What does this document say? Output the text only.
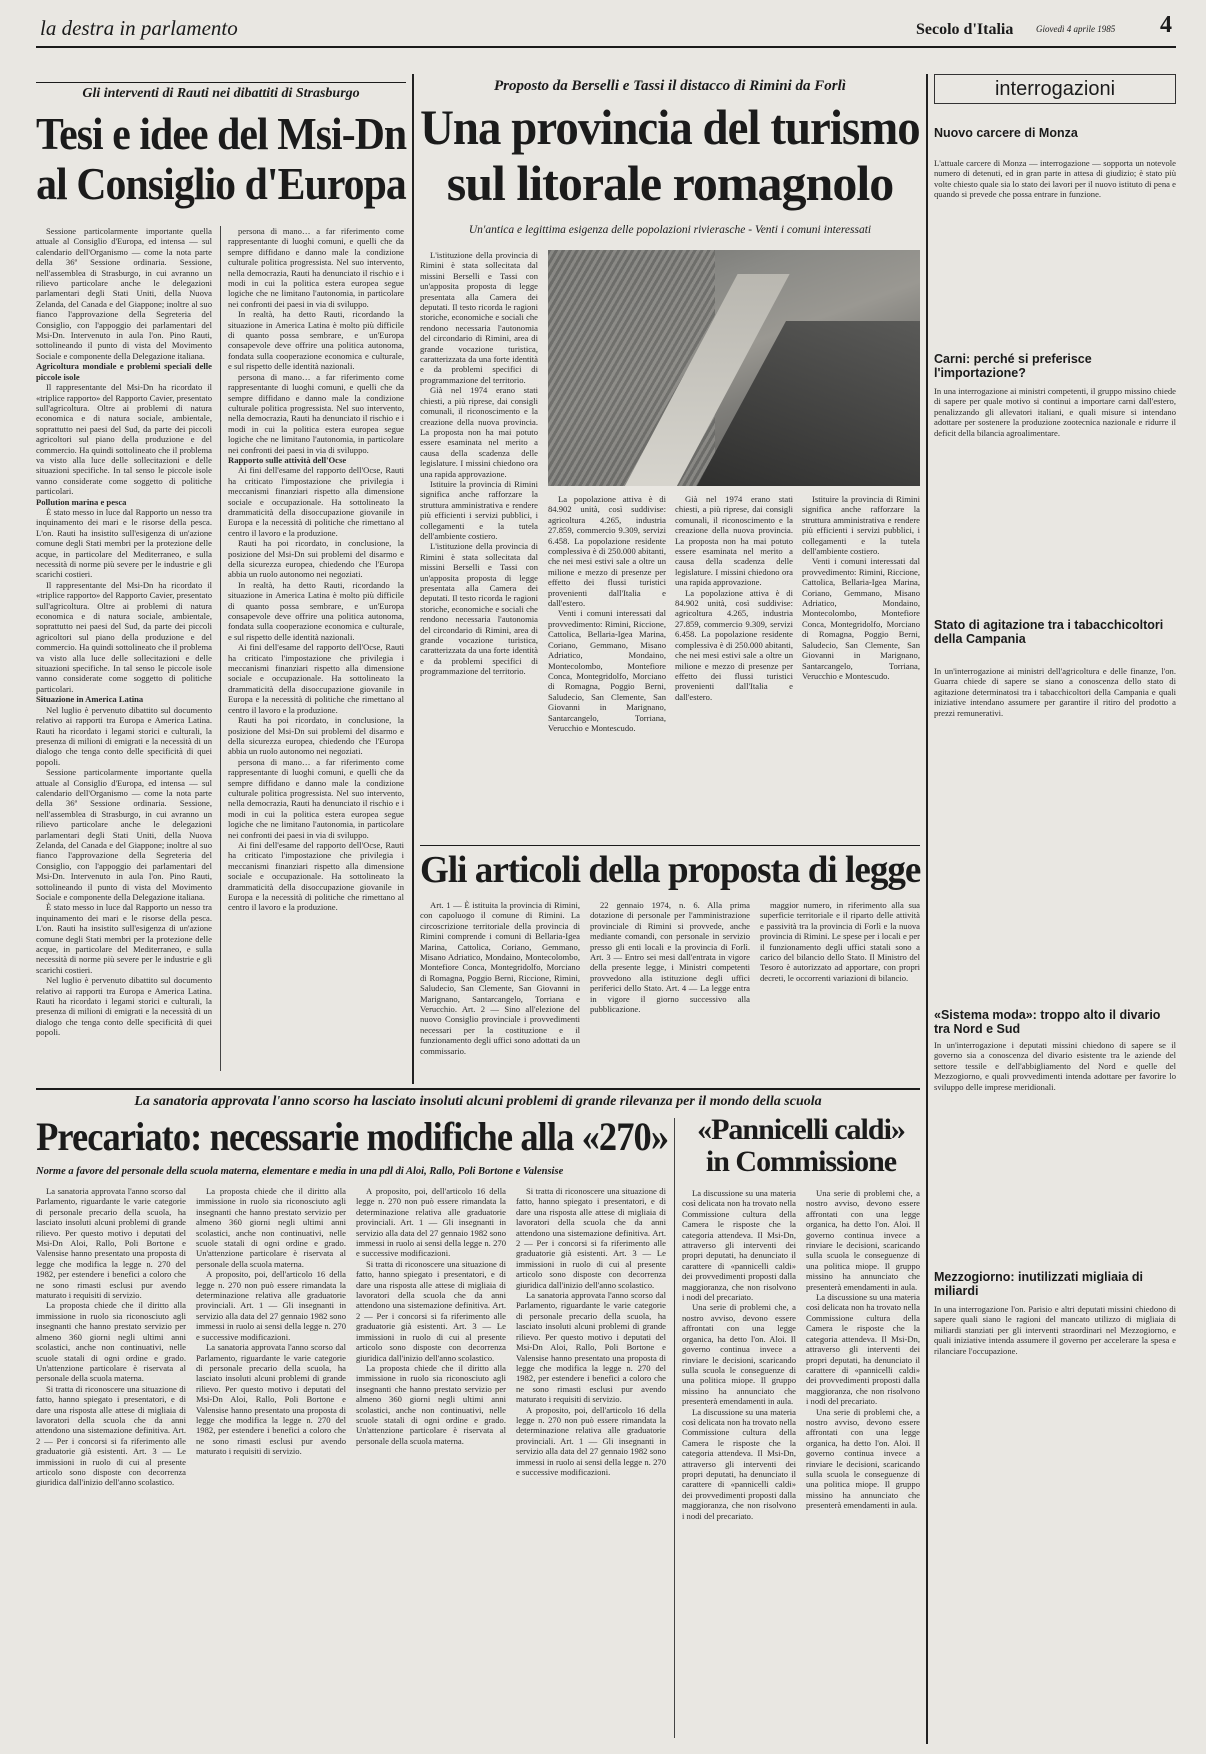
la destra in parlamento	Secolo d'Italia	Giovedì 4 aprile 1985 4
Gli interventi di Rauti nei dibattiti di Strasburgo
Tesi e idee del Msi-Dn
al Consiglio d'Europa

Sessione particolarmente importante quella attuale al Consiglio d'Europa, ed intensa — sul calendario dell'Organismo — come la nota parte della 36ª Sessione ordinaria. Sessione, nell'assemblea di Strasburgo, in cui avranno un rilievo particolare anche le delegazioni parlamentari degli Stati Uniti, della Nuova Zelanda, del Canada e del Giappone; inoltre al suo fianco l'approvazione della Segreteria del Consiglio, con l'appoggio dei parlamentari del Msi-Dn. Intervenuto in aula l'on. Pino Rauti, sottolineando il punto di vista del Movimento Sociale e componente della Delegazione italiana.

Agricoltura mondiale e problemi speciali delle piccole isole

Il rappresentante del Msi-Dn ha ricordato il «triplice rapporto» del Rapporto Cavier, presentato sull'agricoltura. Oltre ai problemi di natura economica e di natura sociale, ambientale, soprattutto nei paesi del Sud, da parte dei piccoli agricoltori sul piano della produzione e del commercio. Ha quindi sottolineato che il problema va visto alla luce delle sollecitazioni e delle situazioni specifiche. In tal senso le piccole isole vanno considerate come soggetto di politiche particolari.

Pollution marina e pesca

È stato messo in luce dal Rapporto un nesso tra inquinamento dei mari e le risorse della pesca. L'on. Rauti ha insistito sull'esigenza di un'azione comune degli Stati membri per la protezione delle acque, in particolare del Mediterraneo, e sulla necessità di norme più severe per le industrie e gli scarichi costieri.

Il rappresentante del Msi-Dn ha ricordato il «triplice rapporto» del Rapporto Cavier, presentato sull'agricoltura. Oltre ai problemi di natura economica e di natura sociale, ambientale, soprattutto nei paesi del Sud, da parte dei piccoli agricoltori sul piano della produzione e del commercio. Ha quindi sottolineato che il problema va visto alla luce delle sollecitazioni e delle situazioni specifiche. In tal senso le piccole isole vanno considerate come soggetto di politiche particolari.

Situazione in America Latina

Nel luglio è pervenuto dibattito sul documento relativo ai rapporti tra Europa e America Latina. Rauti ha ricordato i legami storici e culturali, la presenza di milioni di emigrati e la necessità di un dialogo che tenga conto delle specificità di quei popoli.

Sessione particolarmente importante quella attuale al Consiglio d'Europa, ed intensa — sul calendario dell'Organismo — come la nota parte della 36ª Sessione ordinaria. Sessione, nell'assemblea di Strasburgo, in cui avranno un rilievo particolare anche le delegazioni parlamentari degli Stati Uniti, della Nuova Zelanda, del Canada e del Giappone; inoltre al suo fianco l'approvazione della Segreteria del Consiglio, con l'appoggio dei parlamentari del Msi-Dn. Intervenuto in aula l'on. Pino Rauti, sottolineando il punto di vista del Movimento Sociale e componente della Delegazione italiana.

È stato messo in luce dal Rapporto un nesso tra inquinamento dei mari e le risorse della pesca. L'on. Rauti ha insistito sull'esigenza di un'azione comune degli Stati membri per la protezione delle acque, in particolare del Mediterraneo, e sulla necessità di norme più severe per le industrie e gli scarichi costieri.

Nel luglio è pervenuto dibattito sul documento relativo ai rapporti tra Europa e America Latina. Rauti ha ricordato i legami storici e culturali, la presenza di milioni di emigrati e la necessità di un dialogo che tenga conto delle specificità di quei popoli.

persona di mano… a far riferimento come rappresentante di luoghi comuni, e quelli che da sempre diffidano e danno male la condizione culturale politica progressista. Nel suo intervento, nella democrazia, Rauti ha denunciato il rischio e i modi in cui la politica estera europea segue logiche che ne limitano l'autonomia, in particolare nei confronti dei paesi in via di sviluppo.

In realtà, ha detto Rauti, ricordando la situazione in America Latina è molto più difficile di quanto possa sembrare, e un'Europa consapevole deve offrire una politica autonoma, fondata sulla cooperazione economica e culturale, e sul rispetto delle identità nazionali.

persona di mano… a far riferimento come rappresentante di luoghi comuni, e quelli che da sempre diffidano e danno male la condizione culturale politica progressista. Nel suo intervento, nella democrazia, Rauti ha denunciato il rischio e i modi in cui la politica estera europea segue logiche che ne limitano l'autonomia, in particolare nei confronti dei paesi in via di sviluppo.

Rapporto sulle attività dell'Ocse

Ai fini dell'esame del rapporto dell'Ocse, Rauti ha criticato l'impostazione che privilegia i meccanismi finanziari rispetto alla dimensione sociale e occupazionale. Ha sottolineato la drammaticità della disoccupazione giovanile in Europa e la necessità di politiche che rimettano al centro il lavoro e la produzione.

Rauti ha poi ricordato, in conclusione, la posizione del Msi-Dn sui problemi del disarmo e della sicurezza europea, chiedendo che l'Europa abbia un ruolo autonomo nei negoziati.

In realtà, ha detto Rauti, ricordando la situazione in America Latina è molto più difficile di quanto possa sembrare, e un'Europa consapevole deve offrire una politica autonoma, fondata sulla cooperazione economica e culturale, e sul rispetto delle identità nazionali.

Ai fini dell'esame del rapporto dell'Ocse, Rauti ha criticato l'impostazione che privilegia i meccanismi finanziari rispetto alla dimensione sociale e occupazionale. Ha sottolineato la drammaticità della disoccupazione giovanile in Europa e la necessità di politiche che rimettano al centro il lavoro e la produzione.

Rauti ha poi ricordato, in conclusione, la posizione del Msi-Dn sui problemi del disarmo e della sicurezza europea, chiedendo che l'Europa abbia un ruolo autonomo nei negoziati.

persona di mano… a far riferimento come rappresentante di luoghi comuni, e quelli che da sempre diffidano e danno male la condizione culturale politica progressista. Nel suo intervento, nella democrazia, Rauti ha denunciato il rischio e i modi in cui la politica estera europea segue logiche che ne limitano l'autonomia, in particolare nei confronti dei paesi in via di sviluppo.

Ai fini dell'esame del rapporto dell'Ocse, Rauti ha criticato l'impostazione che privilegia i meccanismi finanziari rispetto alla dimensione sociale e occupazionale. Ha sottolineato la drammaticità della disoccupazione giovanile in Europa e la necessità di politiche che rimettano al centro il lavoro e la produzione.

Proposto da Berselli e Tassi il distacco di Rimini da Forlì
Una provincia del turismo
sul litorale romagnolo
Un'antica e legittima esigenza delle popolazioni rivierasche - Venti i comuni interessati

L'istituzione della provincia di Rimini è stata sollecitata dal missini Berselli e Tassi con un'apposita proposta di legge presentata alla Camera dei deputati. Il testo ricorda le ragioni storiche, economiche e sociali che rendono necessaria l'autonomia del circondario di Rimini, area di grande vocazione turistica, caratterizzata da una forte identità e da problemi specifici di programmazione del territorio.

Già nel 1974 erano stati chiesti, a più riprese, dai consigli comunali, il riconoscimento e la creazione della nuova provincia. La proposta non ha mai potuto essere esaminata nel merito a causa della scadenza delle legislature. I missini chiedono ora una rapida approvazione.

Istituire la provincia di Rimini significa anche rafforzare la struttura amministrativa e rendere più efficienti i servizi pubblici, i collegamenti e la tutela dell'ambiente costiero.

L'istituzione della provincia di Rimini è stata sollecitata dal missini Berselli e Tassi con un'apposita proposta di legge presentata alla Camera dei deputati. Il testo ricorda le ragioni storiche, economiche e sociali che rendono necessaria l'autonomia del circondario di Rimini, area di grande vocazione turistica, caratterizzata da una forte identità e da problemi specifici di programmazione del territorio.

La popolazione attiva è di 84.902 unità, così suddivise: agricoltura 4.265, industria 27.859, commercio 9.309, servizi 6.458. La popolazione residente complessiva è di 250.000 abitanti, che nei mesi estivi sale a oltre un milione e mezzo di presenze per effetto dei flussi turistici provenienti dall'Italia e dall'estero.

Venti i comuni interessati dal provvedimento: Rimini, Riccione, Cattolica, Bellaria-Igea Marina, Coriano, Gemmano, Misano Adriatico, Mondaino, Montecolombo, Montefiore Conca, Montegridolfo, Morciano di Romagna, Poggio Berni, Saludecio, San Clemente, San Giovanni in Marignano, Santarcangelo, Torriana, Verucchio e Montescudo.

Già nel 1974 erano stati chiesti, a più riprese, dai consigli comunali, il riconoscimento e la creazione della nuova provincia. La proposta non ha mai potuto essere esaminata nel merito a causa della scadenza delle legislature. I missini chiedono ora una rapida approvazione.

La popolazione attiva è di 84.902 unità, così suddivise: agricoltura 4.265, industria 27.859, commercio 9.309, servizi 6.458. La popolazione residente complessiva è di 250.000 abitanti, che nei mesi estivi sale a oltre un milione e mezzo di presenze per effetto dei flussi turistici provenienti dall'Italia e dall'estero.

Istituire la provincia di Rimini significa anche rafforzare la struttura amministrativa e rendere più efficienti i servizi pubblici, i collegamenti e la tutela dell'ambiente costiero.

Venti i comuni interessati dal provvedimento: Rimini, Riccione, Cattolica, Bellaria-Igea Marina, Coriano, Gemmano, Misano Adriatico, Mondaino, Montecolombo, Montefiore Conca, Montegridolfo, Morciano di Romagna, Poggio Berni, Saludecio, San Clemente, San Giovanni in Marignano, Santarcangelo, Torriana, Verucchio e Montescudo.

Gli articoli della proposta di legge

Art. 1 — È istituita la provincia di Rimini, con capoluogo il comune di Rimini. La circoscrizione territoriale della provincia di Rimini comprende i comuni di Bellaria-Igea Marina, Cattolica, Coriano, Gemmano, Misano Adriatico, Mondaino, Montecolombo, Montefiore Conca, Montegridolfo, Morciano di Romagna, Poggio Berni, Riccione, Rimini, Saludecio, San Clemente, San Giovanni in Marignano, Santarcangelo, Torriana e Verucchio. Art. 2 — Sino all'elezione del nuovo Consiglio provinciale i provvedimenti necessari per la costituzione e il funzionamento degli uffici sono adottati da un commissario.

22 gennaio 1974, n. 6. Alla prima dotazione di personale per l'amministrazione provinciale di Rimini si provvede, anche mediante comandi, con personale in servizio presso gli enti locali e la provincia di Forlì. Art. 3 — Entro sei mesi dall'entrata in vigore della presente legge, i Ministri competenti provvedono alla istituzione degli uffici periferici dello Stato. Art. 4 — La legge entra in vigore il giorno successivo alla pubblicazione.

maggior numero, in riferimento alla sua superficie territoriale e il riparto delle attività e passività tra la provincia di Forlì e la nuova provincia di Rimini. Le spese per i locali e per il funzionamento degli uffici statali sono a carico del bilancio dello Stato. Il Ministro del Tesoro è autorizzato ad apportare, con propri decreti, le occorrenti variazioni di bilancio.

La sanatoria approvata l'anno scorso ha lasciato insoluti alcuni problemi di grande rilevanza per il mondo della scuola
Precariato: necessarie modifiche alla «270»
Norme a favore del personale della scuola materna, elementare e media in una pdl di Aloi, Rallo, Poli Bortone e Valensise

La sanatoria approvata l'anno scorso dal Parlamento, riguardante le varie categorie di personale precario della scuola, ha lasciato insoluti alcuni problemi di grande rilievo. Per questo motivo i deputati del Msi-Dn Aloi, Rallo, Poli Bortone e Valensise hanno presentato una proposta di legge che modifica la legge n. 270 del 1982, per estendere i benefici a coloro che ne sono rimasti esclusi pur avendo maturato i requisiti di servizio.

La proposta chiede che il diritto alla immissione in ruolo sia riconosciuto agli insegnanti che hanno prestato servizio per almeno 360 giorni negli ultimi anni scolastici, anche non continuativi, nelle scuole statali di ogni ordine e grado. Un'attenzione particolare è riservata al personale della scuola materna.

Si tratta di riconoscere una situazione di fatto, hanno spiegato i presentatori, e di dare una risposta alle attese di migliaia di lavoratori della scuola che da anni attendono una sistemazione definitiva. Art. 2 — Per i concorsi si fa riferimento alle graduatorie già esistenti. Art. 3 — Le immissioni in ruolo di cui al presente articolo sono disposte con decorrenza giuridica dall'inizio dell'anno scolastico.

La proposta chiede che il diritto alla immissione in ruolo sia riconosciuto agli insegnanti che hanno prestato servizio per almeno 360 giorni negli ultimi anni scolastici, anche non continuativi, nelle scuole statali di ogni ordine e grado. Un'attenzione particolare è riservata al personale della scuola materna.

A proposito, poi, dell'articolo 16 della legge n. 270 non può essere rimandata la determinazione relativa alle graduatorie provinciali. Art. 1 — Gli insegnanti in servizio alla data del 27 gennaio 1982 sono immessi in ruolo ai sensi della legge n. 270 e successive modificazioni.

La sanatoria approvata l'anno scorso dal Parlamento, riguardante le varie categorie di personale precario della scuola, ha lasciato insoluti alcuni problemi di grande rilievo. Per questo motivo i deputati del Msi-Dn Aloi, Rallo, Poli Bortone e Valensise hanno presentato una proposta di legge che modifica la legge n. 270 del 1982, per estendere i benefici a coloro che ne sono rimasti esclusi pur avendo maturato i requisiti di servizio.

A proposito, poi, dell'articolo 16 della legge n. 270 non può essere rimandata la determinazione relativa alle graduatorie provinciali. Art. 1 — Gli insegnanti in servizio alla data del 27 gennaio 1982 sono immessi in ruolo ai sensi della legge n. 270 e successive modificazioni.

Si tratta di riconoscere una situazione di fatto, hanno spiegato i presentatori, e di dare una risposta alle attese di migliaia di lavoratori della scuola che da anni attendono una sistemazione definitiva. Art. 2 — Per i concorsi si fa riferimento alle graduatorie già esistenti. Art. 3 — Le immissioni in ruolo di cui al presente articolo sono disposte con decorrenza giuridica dall'inizio dell'anno scolastico.

La proposta chiede che il diritto alla immissione in ruolo sia riconosciuto agli insegnanti che hanno prestato servizio per almeno 360 giorni negli ultimi anni scolastici, anche non continuativi, nelle scuole statali di ogni ordine e grado. Un'attenzione particolare è riservata al personale della scuola materna.

Si tratta di riconoscere una situazione di fatto, hanno spiegato i presentatori, e di dare una risposta alle attese di migliaia di lavoratori della scuola che da anni attendono una sistemazione definitiva. Art. 2 — Per i concorsi si fa riferimento alle graduatorie già esistenti. Art. 3 — Le immissioni in ruolo di cui al presente articolo sono disposte con decorrenza giuridica dall'inizio dell'anno scolastico.

La sanatoria approvata l'anno scorso dal Parlamento, riguardante le varie categorie di personale precario della scuola, ha lasciato insoluti alcuni problemi di grande rilievo. Per questo motivo i deputati del Msi-Dn Aloi, Rallo, Poli Bortone e Valensise hanno presentato una proposta di legge che modifica la legge n. 270 del 1982, per estendere i benefici a coloro che ne sono rimasti esclusi pur avendo maturato i requisiti di servizio.

A proposito, poi, dell'articolo 16 della legge n. 270 non può essere rimandata la determinazione relativa alle graduatorie provinciali. Art. 1 — Gli insegnanti in servizio alla data del 27 gennaio 1982 sono immessi in ruolo ai sensi della legge n. 270 e successive modificazioni.

«Pannicelli caldi»
in Commissione

La discussione su una materia così delicata non ha trovato nella Commissione cultura della Camera le risposte che la categoria attendeva. Il Msi-Dn, attraverso gli interventi dei propri deputati, ha denunciato il carattere di «pannicelli caldi» dei provvedimenti proposti dalla maggioranza, che non risolvono i nodi del precariato.

Una serie di problemi che, a nostro avviso, devono essere affrontati con una legge organica, ha detto l'on. Aloi. Il governo continua invece a rinviare le decisioni, scaricando sulla scuola le conseguenze di una politica miope. Il gruppo missino ha annunciato che presenterà emendamenti in aula.

La discussione su una materia così delicata non ha trovato nella Commissione cultura della Camera le risposte che la categoria attendeva. Il Msi-Dn, attraverso gli interventi dei propri deputati, ha denunciato il carattere di «pannicelli caldi» dei provvedimenti proposti dalla maggioranza, che non risolvono i nodi del precariato.

Una serie di problemi che, a nostro avviso, devono essere affrontati con una legge organica, ha detto l'on. Aloi. Il governo continua invece a rinviare le decisioni, scaricando sulla scuola le conseguenze di una politica miope. Il gruppo missino ha annunciato che presenterà emendamenti in aula.

La discussione su una materia così delicata non ha trovato nella Commissione cultura della Camera le risposte che la categoria attendeva. Il Msi-Dn, attraverso gli interventi dei propri deputati, ha denunciato il carattere di «pannicelli caldi» dei provvedimenti proposti dalla maggioranza, che non risolvono i nodi del precariato.

Una serie di problemi che, a nostro avviso, devono essere affrontati con una legge organica, ha detto l'on. Aloi. Il governo continua invece a rinviare le decisioni, scaricando sulla scuola le conseguenze di una politica miope. Il gruppo missino ha annunciato che presenterà emendamenti in aula.

interrogazioni
Nuovo carcere di Monza
L'attuale carcere di Monza — interrogazione — sopporta un notevole numero di detenuti, ed in gran parte in attesa di giudizio; è stato più volte chiesto quale sia lo stato dei lavori per il nuovo istituto di pena e quando si prevede che possa entrare in funzione.
Carni: perché si preferisce l'importazione?
In una interrogazione ai ministri competenti, il gruppo missino chiede di sapere per quale motivo si continui a importare carni dall'estero, penalizzando gli allevatori italiani, e quali misure si intendano adottare per sostenere la produzione zootecnica nazionale e ridurre il deficit della bilancia agroalimentare.
Stato di agitazione tra i tabacchicoltori della Campania
In un'interrogazione ai ministri dell'agricoltura e delle finanze, l'on. Guarra chiede di sapere se siano a conoscenza dello stato di agitazione determinatosi tra i tabacchicoltori della Campania e quali iniziative intendano assumere per garantire il ritiro del prodotto a prezzi remunerativi.
«Sistema moda»: troppo alto il divario tra Nord e Sud
In un'interrogazione i deputati missini chiedono di sapere se il governo sia a conoscenza del divario esistente tra le aziende del settore tessile e dell'abbigliamento del Nord e quelle del Mezzogiorno, e quali provvedimenti intenda adottare per favorire lo sviluppo delle imprese meridionali.
Mezzogiorno: inutilizzati migliaia di miliardi
In una interrogazione l'on. Parisio e altri deputati missini chiedono di sapere quali siano le ragioni del mancato utilizzo di migliaia di miliardi stanziati per gli interventi straordinari nel Mezzogiorno, e quali iniziative intenda assumere il governo per accelerare la spesa e rilanciare l'occupazione.
